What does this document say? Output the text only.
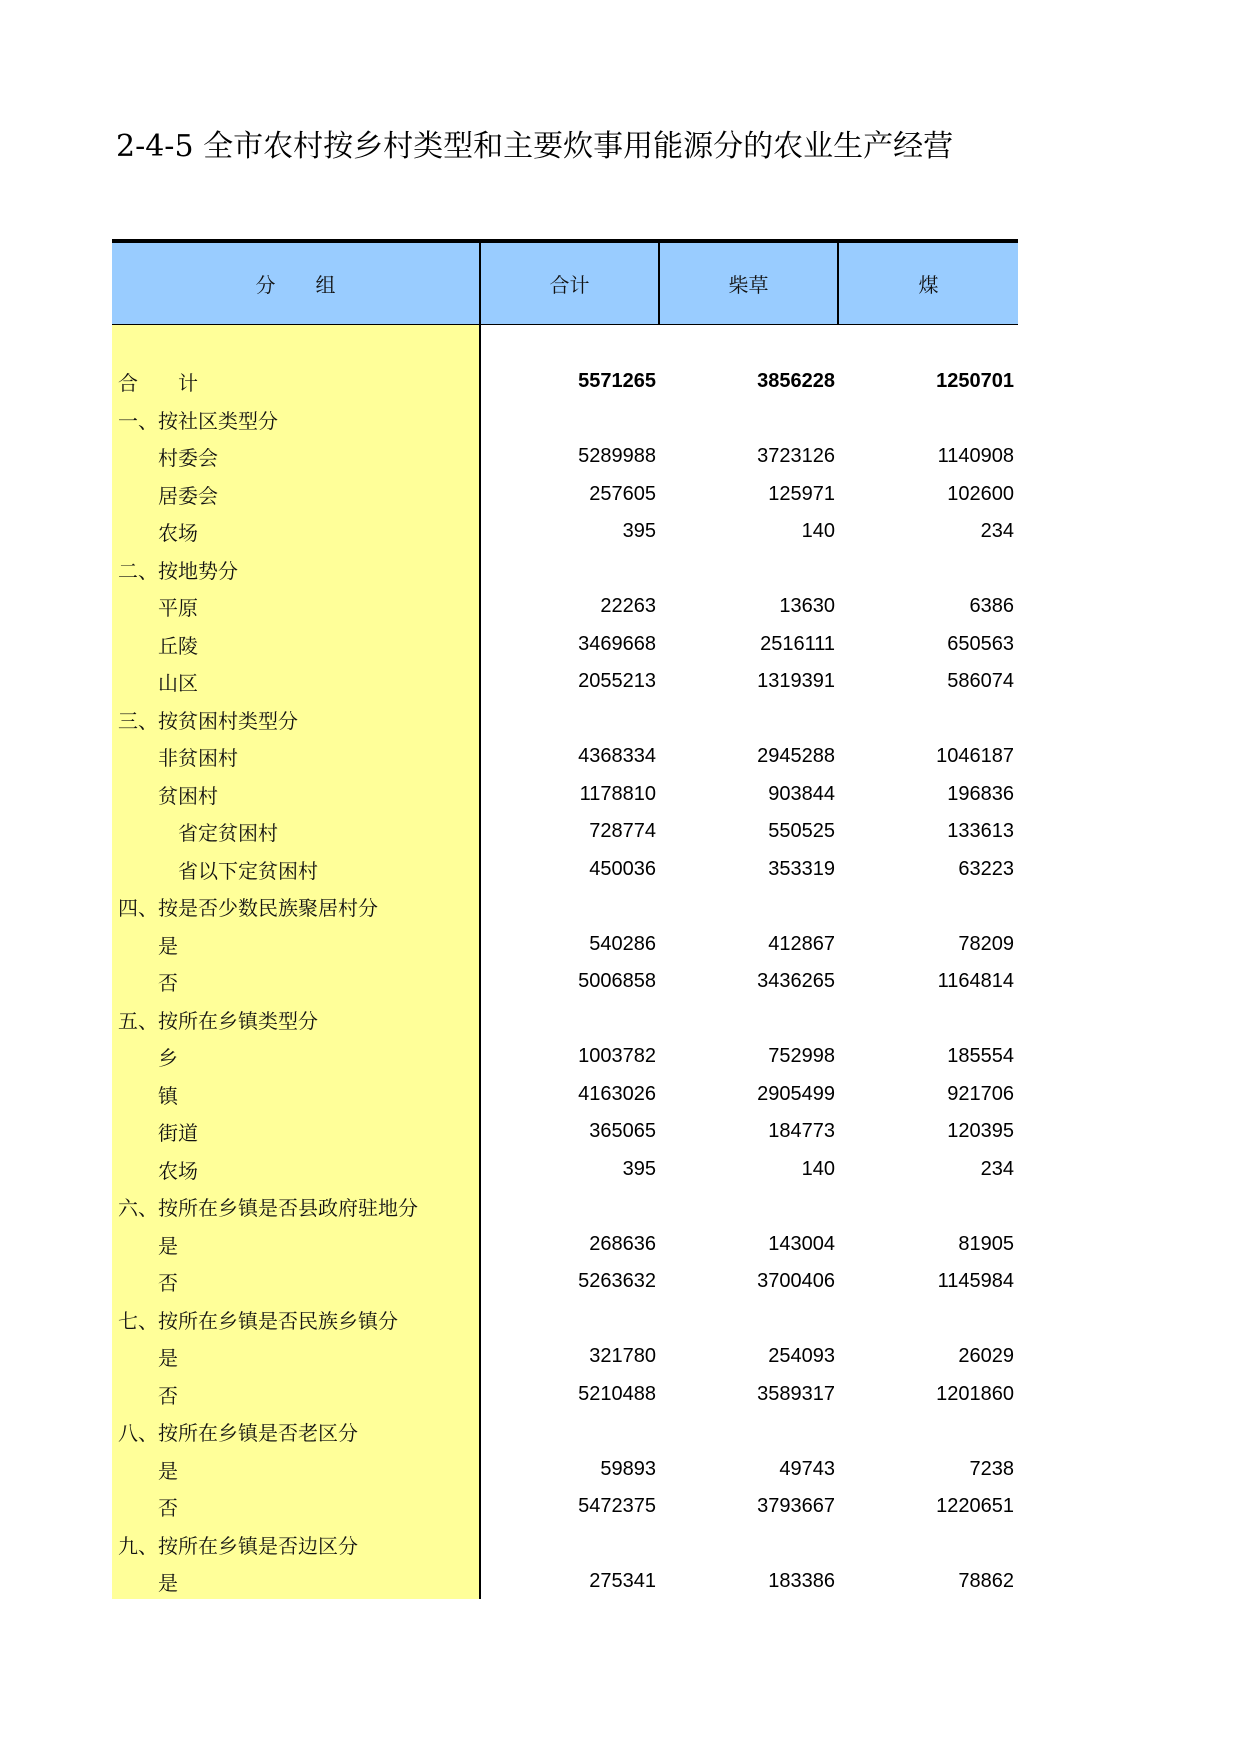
2-4-5 全市农村按乡村类型和主要炊事用能源分的农业生产经营
分　　组	合计	柴草	煤
合　　计	5571265	3856228	1250701
一、按社区类型分
村委会	5289988	3723126	1140908
居委会	257605	125971	102600
农场	395	140	234
二、按地势分
平原	22263	13630	6386
丘陵	3469668	2516111	650563
山区	2055213	1319391	586074
三、按贫困村类型分
非贫困村	4368334	2945288	1046187
贫困村	1178810	903844	196836
省定贫困村	728774	550525	133613
省以下定贫困村	450036	353319	63223
四、按是否少数民族聚居村分
是	540286	412867	78209
否	5006858	3436265	1164814
五、按所在乡镇类型分
乡	1003782	752998	185554
镇	4163026	2905499	921706
街道	365065	184773	120395
农场	395	140	234
六、按所在乡镇是否县政府驻地分
是	268636	143004	81905
否	5263632	3700406	1145984
七、按所在乡镇是否民族乡镇分
是	321780	254093	26029
否	5210488	3589317	1201860
八、按所在乡镇是否老区分
是	59893	49743	7238
否	5472375	3793667	1220651
九、按所在乡镇是否边区分
是	275341	183386	78862
